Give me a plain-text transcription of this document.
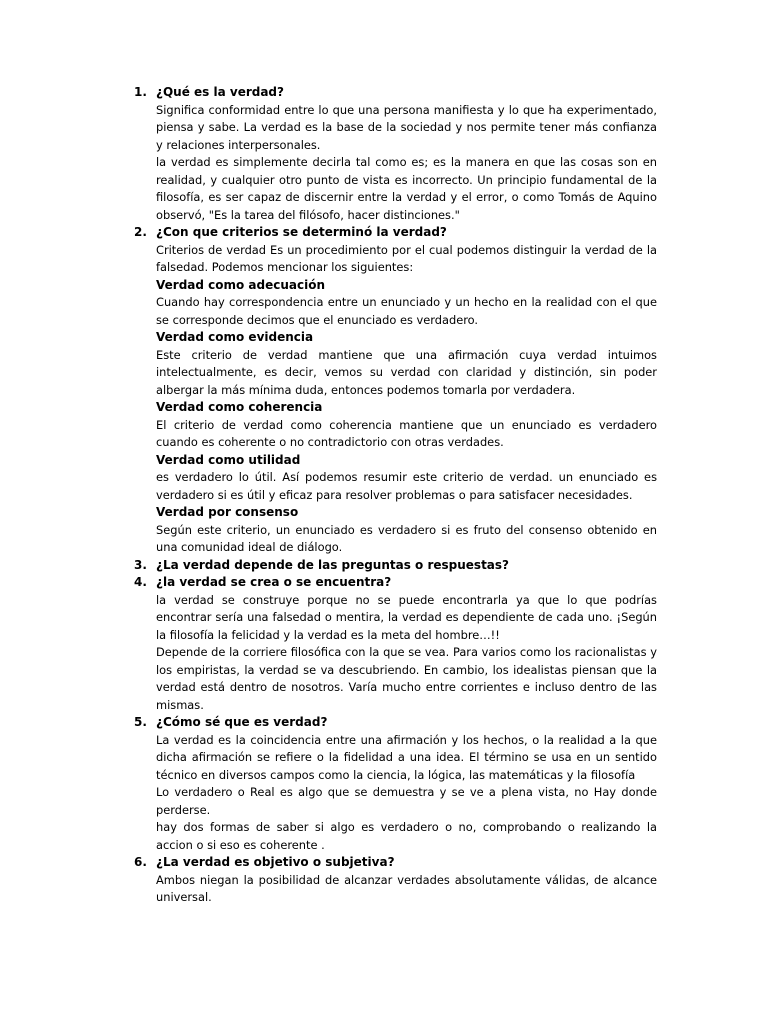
1. ¿Qué es la verdad?

Significa conformidad entre lo que una persona manifiesta y lo que ha experimentado, piensa y sabe. La verdad es la base de la sociedad y nos permite tener más confianza y relaciones interpersonales.

la verdad es simplemente decirla tal como es; es la manera en que las cosas son en realidad, y cualquier otro punto de vista es incorrecto. Un principio fundamental de la filosofía, es ser capaz de discernir entre la verdad y el error, o como Tomás de Aquino observó, "Es la tarea del filósofo, hacer distinciones."

2. ¿Con que criterios se determinó la verdad?

Criterios de verdad Es un procedimiento por el cual podemos distinguir la verdad de la falsedad. Podemos mencionar los siguientes:

Verdad como adecuación

Cuando hay correspondencia entre un enunciado y un hecho en la realidad con el que se corresponde decimos que el enunciado es verdadero.

Verdad como evidencia

Este criterio de verdad mantiene que una afirmación cuya verdad intuimos intelectualmente, es decir, vemos su verdad con claridad y distinción, sin poder albergar la más mínima duda, entonces podemos tomarla por verdadera.

Verdad como coherencia

El criterio de verdad como coherencia mantiene que un enunciado es verdadero cuando es coherente o no contradictorio con otras verdades.

Verdad como utilidad

es verdadero lo útil. Así podemos resumir este criterio de verdad. un enunciado es verdadero si es útil y eficaz para resolver problemas o para satisfacer necesidades.

Verdad por consenso

Según este criterio, un enunciado es verdadero si es fruto del consenso obtenido en una comunidad ideal de diálogo.

3. ¿La verdad depende de las preguntas o respuestas?
4. ¿la verdad se crea o se encuentra?

la verdad se construye porque no se puede encontrarla ya que lo que podrías encontrar sería una falsedad o mentira, la verdad es dependiente de cada uno. ¡Según la filosofía la felicidad y la verdad es la meta del hombre…!!

Depende de la corriere filosófica con la que se vea. Para varios como los racionalistas y los empiristas, la verdad se va descubriendo. En cambio, los idealistas piensan que la verdad está dentro de nosotros. Varía mucho entre corrientes e incluso dentro de las mismas.

5. ¿Cómo sé que es verdad?

La verdad es la coincidencia entre una afirmación y los hechos, o la realidad a la que dicha afirmación se refiere o la fidelidad a una idea. El término se usa en un sentido técnico en diversos campos como la ciencia, la lógica, las matemáticas y la filosofía

Lo verdadero o Real es algo que se demuestra y se ve a plena vista, no Hay donde perderse.

hay dos formas de saber si algo es verdadero o no, comprobando o realizando la accion o si eso es coherente .

6. ¿La verdad es objetivo o subjetiva?

Ambos niegan la posibilidad de alcanzar verdades absolutamente válidas, de alcance universal.
